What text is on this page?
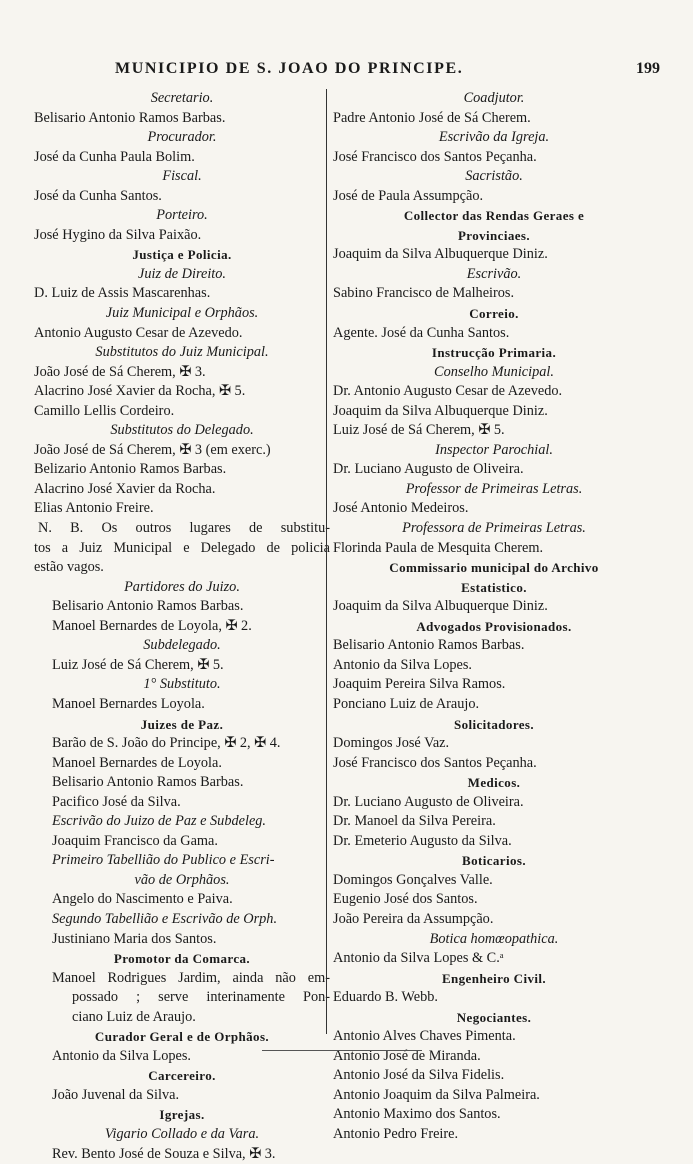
MUNICIPIO DE S. JOAO DO PRINCIPE.	199
Secretario.
Belisario Antonio Ramos Barbas.
Procurador.
José da Cunha Paula Bolim.
Fiscal.
José da Cunha Santos.
Porteiro.
José Hygino da Silva Paixão.
Justiça e Policia.
Juiz de Direito.
D. Luiz de Assis Mascarenhas.
Juiz Municipal e Orphãos.
Antonio Augusto Cesar de Azevedo.
Substitutos do Juiz Municipal.
João José de Sá Cherem, ✠ 3.
Alacrino José Xavier da Rocha, ✠ 5.
Camillo Lellis Cordeiro.
Substitutos do Delegado.
João José de Sá Cherem, ✠ 3 (em exerc.)
Belizario Antonio Ramos Barbas.
Alacrino José Xavier da Rocha.
Elias Antonio Freire.
N. B. Os outros lugares de substitu-
tos a Juiz Municipal e Delegado de policia
estão vagos.
Partidores do Juizo.
Belisario Antonio Ramos Barbas.
Manoel Bernardes de Loyola, ✠ 2.
Subdelegado.
Luiz José de Sá Cherem, ✠ 5.
1° Substituto.
Manoel Bernardes Loyola.
Juizes de Paz.
Barão de S. João do Principe, ✠ 2, ✠ 4.
Manoel Bernardes de Loyola.
Belisario Antonio Ramos Barbas.
Pacifico José da Silva.
Escrivão do Juizo de Paz e Subdeleg.
Joaquim Francisco da Gama.
Primeiro Tabellião do Publico e Escri-
vão de Orphãos.
Angelo do Nascimento e Paiva.
Segundo Tabellião e Escrivão de Orph.
Justiniano Maria dos Santos.
Promotor da Comarca.
Manoel Rodrigues Jardim, ainda não em-
possado ; serve interinamente Pon-
ciano Luiz de Araujo.
Curador Geral e de Orphãos.
Antonio da Silva Lopes.
Carcereiro.
João Juvenal da Silva.
Igrejas.
Vigario Collado e da Vara.
Rev. Bento José de Souza e Silva, ✠ 3.
Coadjutor.
Padre Antonio José de Sá Cherem.
Escrivão da Igreja.
José Francisco dos Santos Peçanha.
Sacristão.
José de Paula Assumpção.
Collector das Rendas Geraes e
Provinciaes.
Joaquim da Silva Albuquerque Diniz.
Escrivão.
Sabino Francisco de Malheiros.
Correio.
Agente. José da Cunha Santos.
Instrucção Primaria.
Conselho Municipal.
Dr. Antonio Augusto Cesar de Azevedo.
Joaquim da Silva Albuquerque Diniz.
Luiz José de Sá Cherem, ✠ 5.
Inspector Parochial.
Dr. Luciano Augusto de Oliveira.
Professor de Primeiras Letras.
José Antonio Medeiros.
Professora de Primeiras Letras.
Florinda Paula de Mesquita Cherem.
Commissario municipal do Archivo
Estatistico.
Joaquim da Silva Albuquerque Diniz.
Advogados Provisionados.
Belisario Antonio Ramos Barbas.
Antonio da Silva Lopes.
Joaquim Pereira Silva Ramos.
Ponciano Luiz de Araujo.
Solicitadores.
Domingos José Vaz.
José Francisco dos Santos Peçanha.
Medicos.
Dr. Luciano Augusto de Oliveira.
Dr. Manoel da Silva Pereira.
Dr. Emeterio Augusto da Silva.
Boticarios.
Domingos Gonçalves Valle.
Eugenio José dos Santos.
João Pereira da Assumpção.
Botica homœopathica.
Antonio da Silva Lopes & C.ᵃ
Engenheiro Civil.
Eduardo B. Webb.
Negociantes.
Antonio Alves Chaves Pimenta.
Antonio José de Miranda.
Antonio José da Silva Fidelis.
Antonio Joaquim da Silva Palmeira.
Antonio Maximo dos Santos.
Antonio Pedro Freire.
